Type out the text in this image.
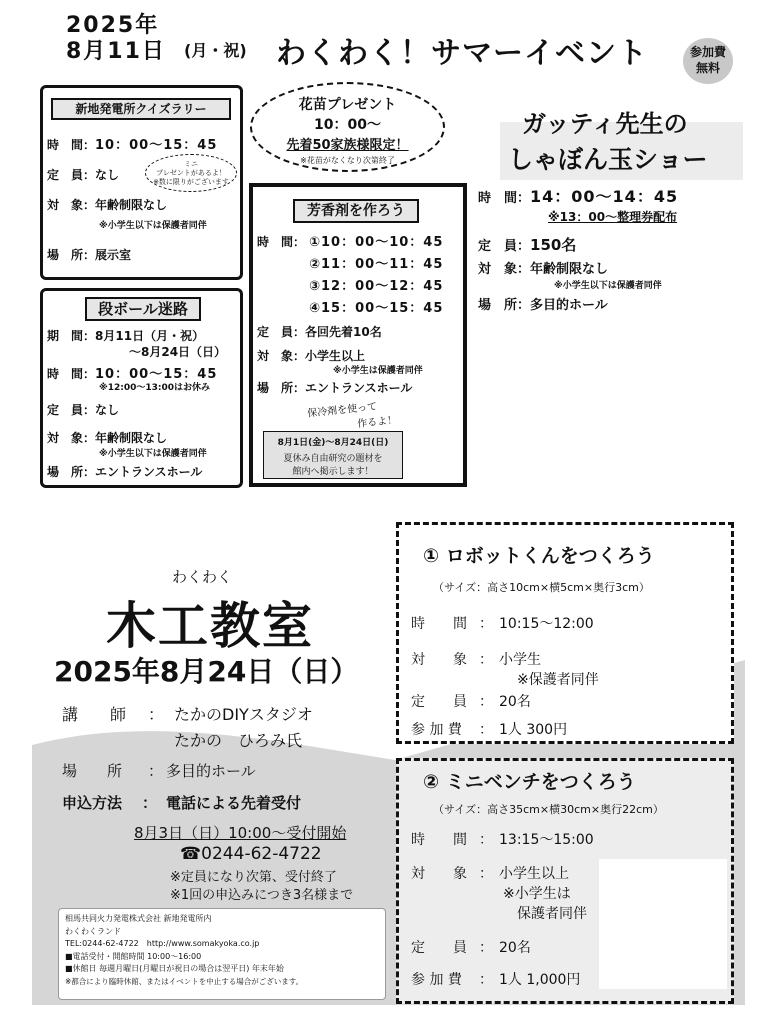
2025年
8月11日 (月・祝) わくわく！サマーイベント	参加費
無料
花苗プレゼント
10：00〜
先着50家族様限定！
※花苗がなくなり次第終了
新地発電所クイズラリー
時　間：10：00〜15：45
定　員：なし
ミニ
プレゼントがあるよ！
※数に限りがございます
対　象：年齢制限なし
※小学生以下は保護者同伴
場　所：展示室
ガッティ先生の
しゃぼん玉ショー
時　間：14：00〜14：45
※13：00〜整理券配布
定　員：150名
対　象：年齢制限なし
※小学生以下は保護者同伴
場　所：多目的ホール
芳香剤を作ろう
時　間： ①10：00〜10：45
②11：00〜11：45
③12：00〜12：45
④15：00〜15：45
定　員：各回先着10名
対　象：小学生以上
※小学生は保護者同伴
場　所：エントランスホール
保冷剤を使って
作るよ！
8月1日(金)〜8月24日(日)
夏休み自由研究の題材を
館内へ掲示します！
段ボール迷路
期　間：8月11日（月・祝）
〜8月24日（日）
時　間：10：00〜15：45
※12:00〜13:00はお休み
定　員：なし
対　象：年齢制限なし
※小学生以下は保護者同伴
場　所：エントランスホール
わくわく
木工教室
2025年8月24日（日）
講　　師 ： たかのDIYスタジオ
たかの　ひろみ氏
場　　所 ： 多目的ホール
申込方法 ： 電話による先着受付
8月3日（日）10:00〜受付開始
☎0244-62-4722
※定員になり次第、受付終了
※1回の申込みにつき3名様まで
相馬共同火力発電株式会社 新地発電所内
わくわくランド
TEL:0244-62-4722　http://www.somakyoka.co.jp
■電話受付・開館時間 10:00〜16:00
■休館日 毎週月曜日(月曜日が祝日の場合は翌平日) 年末年始
※都合により臨時休館、またはイベントを中止する場合がございます。
① ロボットくんをつくろう
（サイズ：高さ10cm×横5cm×奥行3cm）
時　　間 ： 10:15〜12:00
対　　象 ： 小学生
※保護者同伴
定　　員 ： 20名
参 加 費 ： 1人 300円
② ミニベンチをつくろう
（サイズ：高さ35cm×横30cm×奥行22cm）
時　　間 ： 13:15〜15:00
対　　象 ： 小学生以上
※小学生は
保護者同伴
定　　員 ： 20名
参 加 費 ： 1人 1,000円
